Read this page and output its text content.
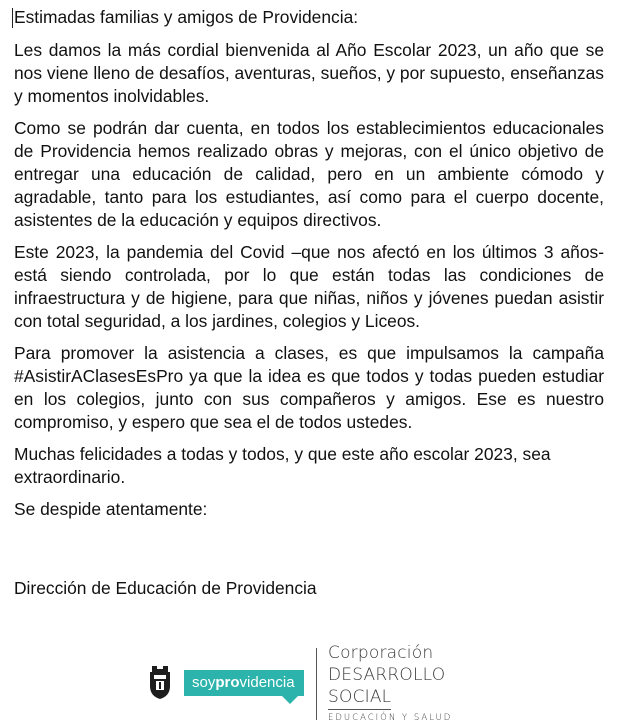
Estimadas familias y amigos de Providencia:

Les damos la más cordial bienvenida al Año Escolar 2023, un año que se nos viene lleno de desafíos, aventuras, sueños, y por supuesto, enseñanzas y momentos inolvidables.

Como se podrán dar cuenta, en todos los establecimientos educacionales de Providencia hemos realizado obras y mejoras, con el único objetivo de entregar una educación de calidad, pero en un ambiente cómodo y agradable, tanto para los estudiantes, así como para el cuerpo docente, asistentes de la educación y equipos directivos.

Este 2023, la pandemia del Covid –que nos afectó en los últimos 3 años- está siendo controlada, por lo que están todas las condiciones de infraestructura y de higiene, para que niñas, niños y jóvenes puedan asistir con total seguridad, a los jardines, colegios y Liceos.

Para promover la asistencia a clases, es que impulsamos la campaña #AsistirAClasesEsPro ya que la idea es que todos y todas pueden estudiar en los colegios, junto con sus compañeros y amigos. Ese es nuestro compromiso, y espero que sea el de todos ustedes.

Muchas felicidades a todas y todos, y que este año escolar 2023, sea extraordinario.

Se despide atentamente:

Dirección de Educación de Providencia

soyprovidencia
Corporación
DESARROLLO
SOCIAL
EDUCACIÓN Y SALUD
